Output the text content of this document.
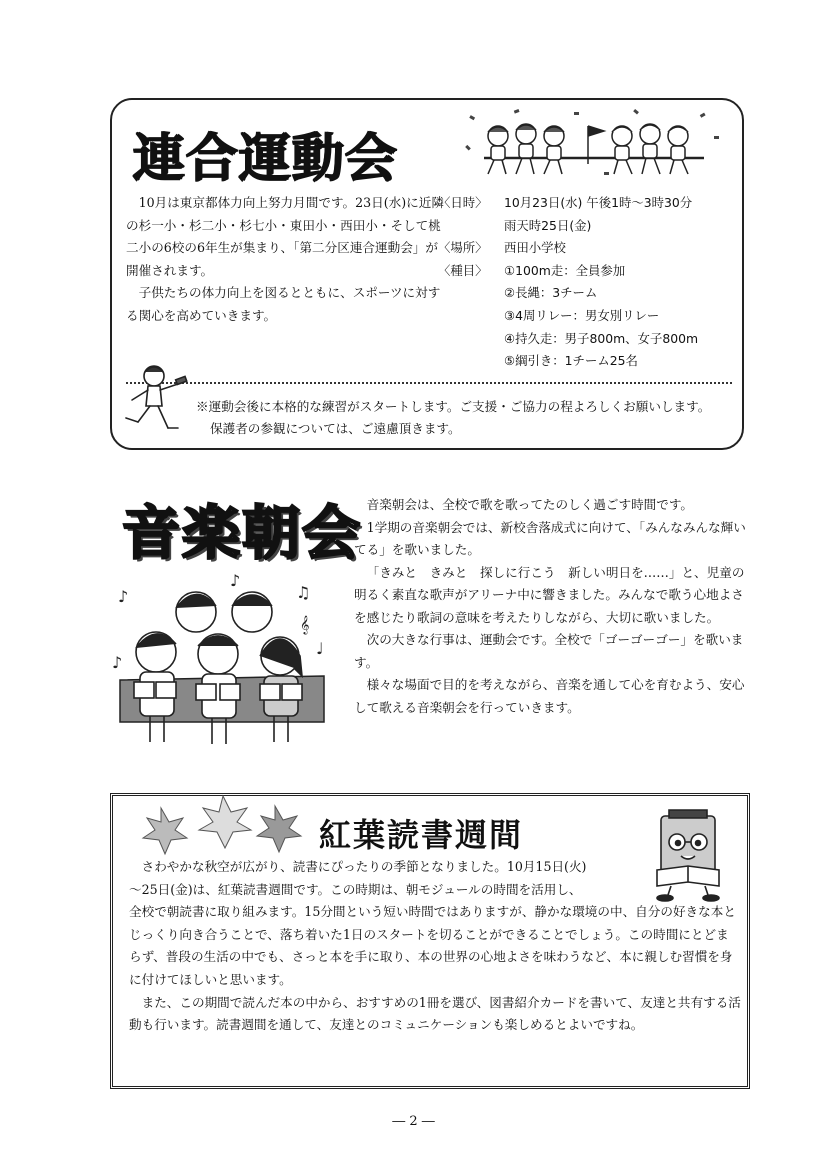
連合運動会

10月は東京都体力向上努力月間です。23日(水)に近隣の杉一小・杉二小・杉七小・東田小・西田小・そして桃二小の6校の6年生が集まり、「第二分区連合運動会」が開催されます。

子供たちの体力向上を図るとともに、スポーツに対する関心を高めていきます。

〈日時〉	10月23日(水) 午後1時～3時30分
雨天時25日(金)
〈場所〉	西田小学校
〈種目〉	①100m走：全員参加
②長縄：3チーム
③4周リレー：男女別リレー
④持久走：男子800m、女子800m
⑤綱引き：1チーム25名

※運動会後に本格的な練習がスタートします。ご支援・ご協力の程よろしくお願いします。

保護者の参観については、ご遠慮頂きます。

音楽朝会
♪
♪
♫
𝄞
♪
♩

音楽朝会は、全校で歌を歌ってたのしく過ごす時間です。

1学期の音楽朝会では、新校舎落成式に向けて、「みんなみんな輝いてる」を歌いました。

「きみと　きみと　探しに行こう　新しい明日を……」と、児童の明るく素直な歌声がアリーナ中に響きました。みんなで歌う心地よさを感じたり歌詞の意味を考えたりしながら、大切に歌いました。

次の大きな行事は、運動会です。全校で「ゴーゴーゴー」を歌います。

様々な場面で目的を考えながら、音楽を通して心を育むよう、安心して歌える音楽朝会を行っていきます。

紅葉読書週間

さわやかな秋空が広がり、読書にぴったりの季節となりました。10月15日(火)

～25日(金)は、紅葉読書週間です。この時期は、朝モジュールの時間を活用し、

全校で朝読書に取り組みます。15分間という短い時間ではありますが、静かな環境の中、自分の好きな本とじっくり向き合うことで、落ち着いた1日のスタートを切ることができることでしょう。この時間にとどまらず、普段の生活の中でも、さっと本を手に取り、本の世界の心地よさを味わうなど、本に親しむ習慣を身に付けてほしいと思います。

また、この期間で読んだ本の中から、おすすめの1冊を選び、図書紹介カードを書いて、友達と共有する活動も行います。読書週間を通して、友達とのコミュニケーションも楽しめるとよいですね。

― 2 ―
